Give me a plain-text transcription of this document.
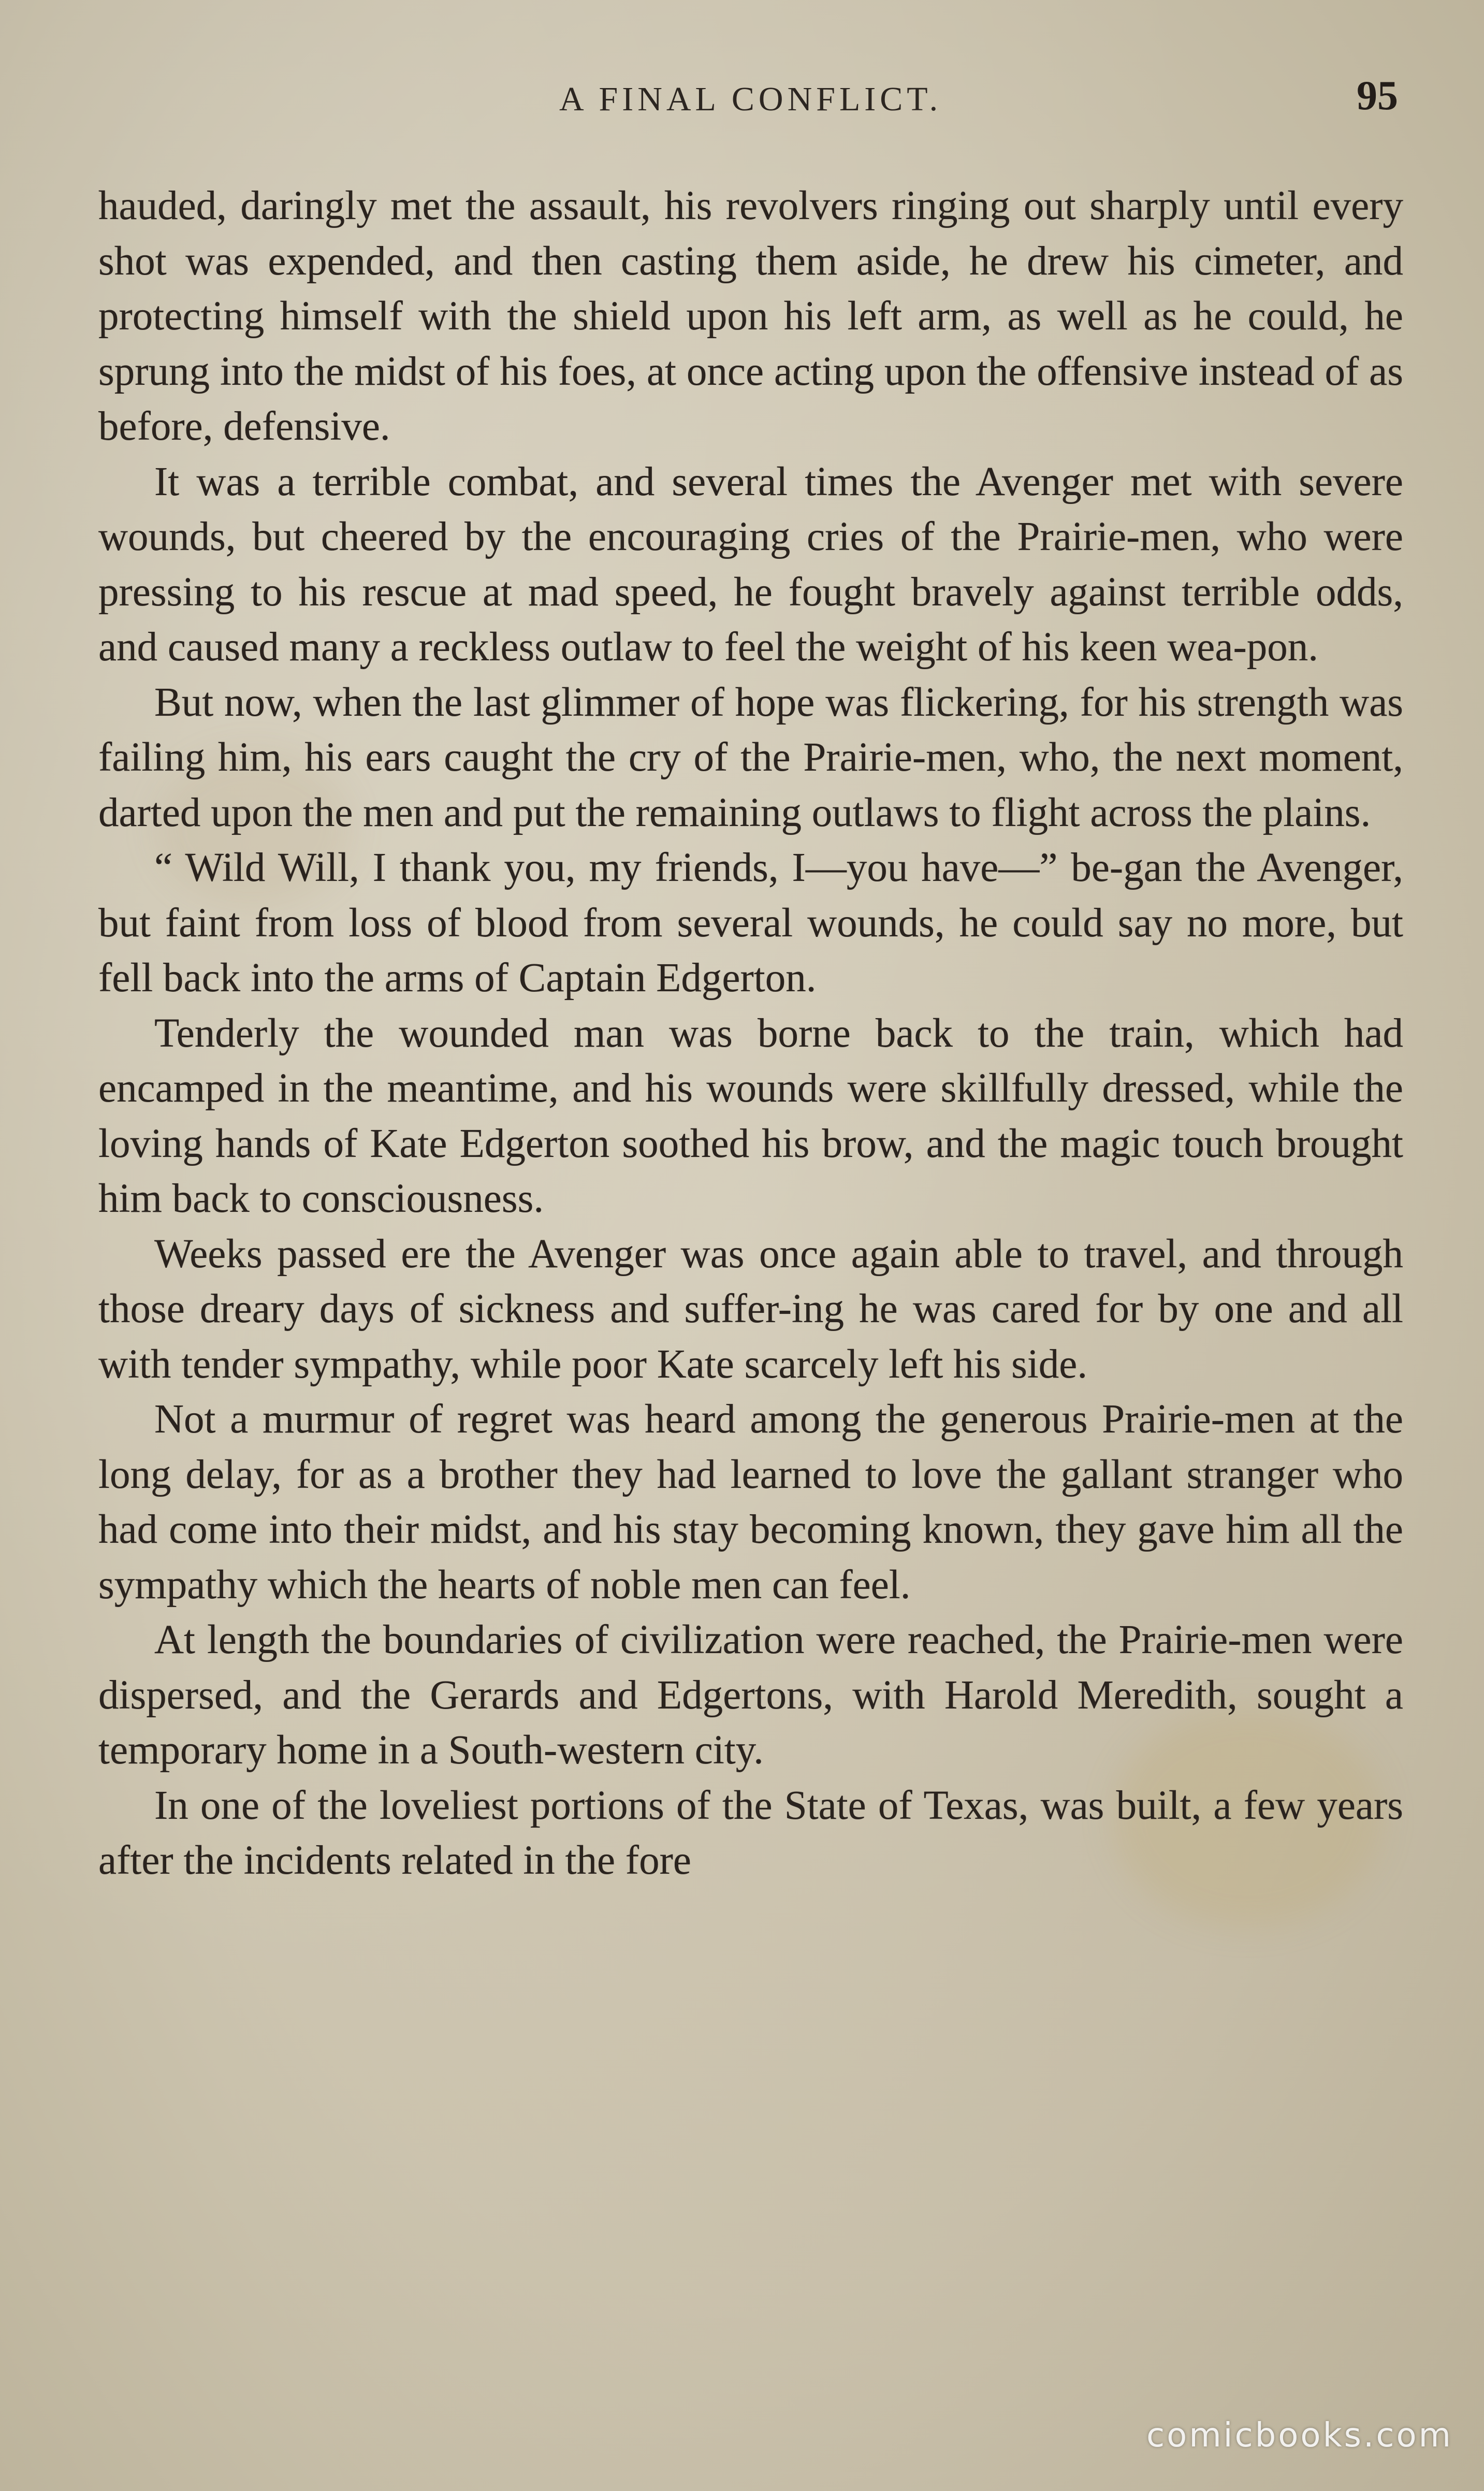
A FINAL CONFLICT.	95

hauded, daringly met the assault, his revolvers ringing out sharply until every shot was expended, and then casting them aside, he drew his cimeter, and protecting himself with the shield upon his left arm, as well as he could, he sprung into the midst of his foes, at once acting upon the offensive instead of as before, defensive.

It was a terrible combat, and several times the Avenger met with severe wounds, but cheered by the encouraging cries of the Prairie-men, who were pressing to his rescue at mad speed, he fought bravely against terrible odds, and caused many a reckless outlaw to feel the weight of his keen wea-pon.

But now, when the last glimmer of hope was flickering, for his strength was failing him, his ears caught the cry of the Prairie-men, who, the next moment, darted upon the men and put the remaining outlaws to flight across the plains.

“ Wild Will, I thank you, my friends, I—you have—” be-gan the Avenger, but faint from loss of blood from several wounds, he could say no more, but fell back into the arms of Captain Edgerton.

Tenderly the wounded man was borne back to the train, which had encamped in the meantime, and his wounds were skillfully dressed, while the loving hands of Kate Edgerton soothed his brow, and the magic touch brought him back to consciousness.

Weeks passed ere the Avenger was once again able to travel, and through those dreary days of sickness and suffer-ing he was cared for by one and all with tender sympathy, while poor Kate scarcely left his side.

Not a murmur of regret was heard among the generous Prairie-men at the long delay, for as a brother they had learned to love the gallant stranger who had come into their midst, and his stay becoming known, they gave him all the sympathy which the hearts of noble men can feel.

At length the boundaries of civilization were reached, the Prairie-men were dispersed, and the Gerards and Edgertons, with Harold Meredith, sought a temporary home in a South-western city.

In one of the loveliest portions of the State of Texas, was built, a few years after the incidents related in the fore

comicbooks.com
